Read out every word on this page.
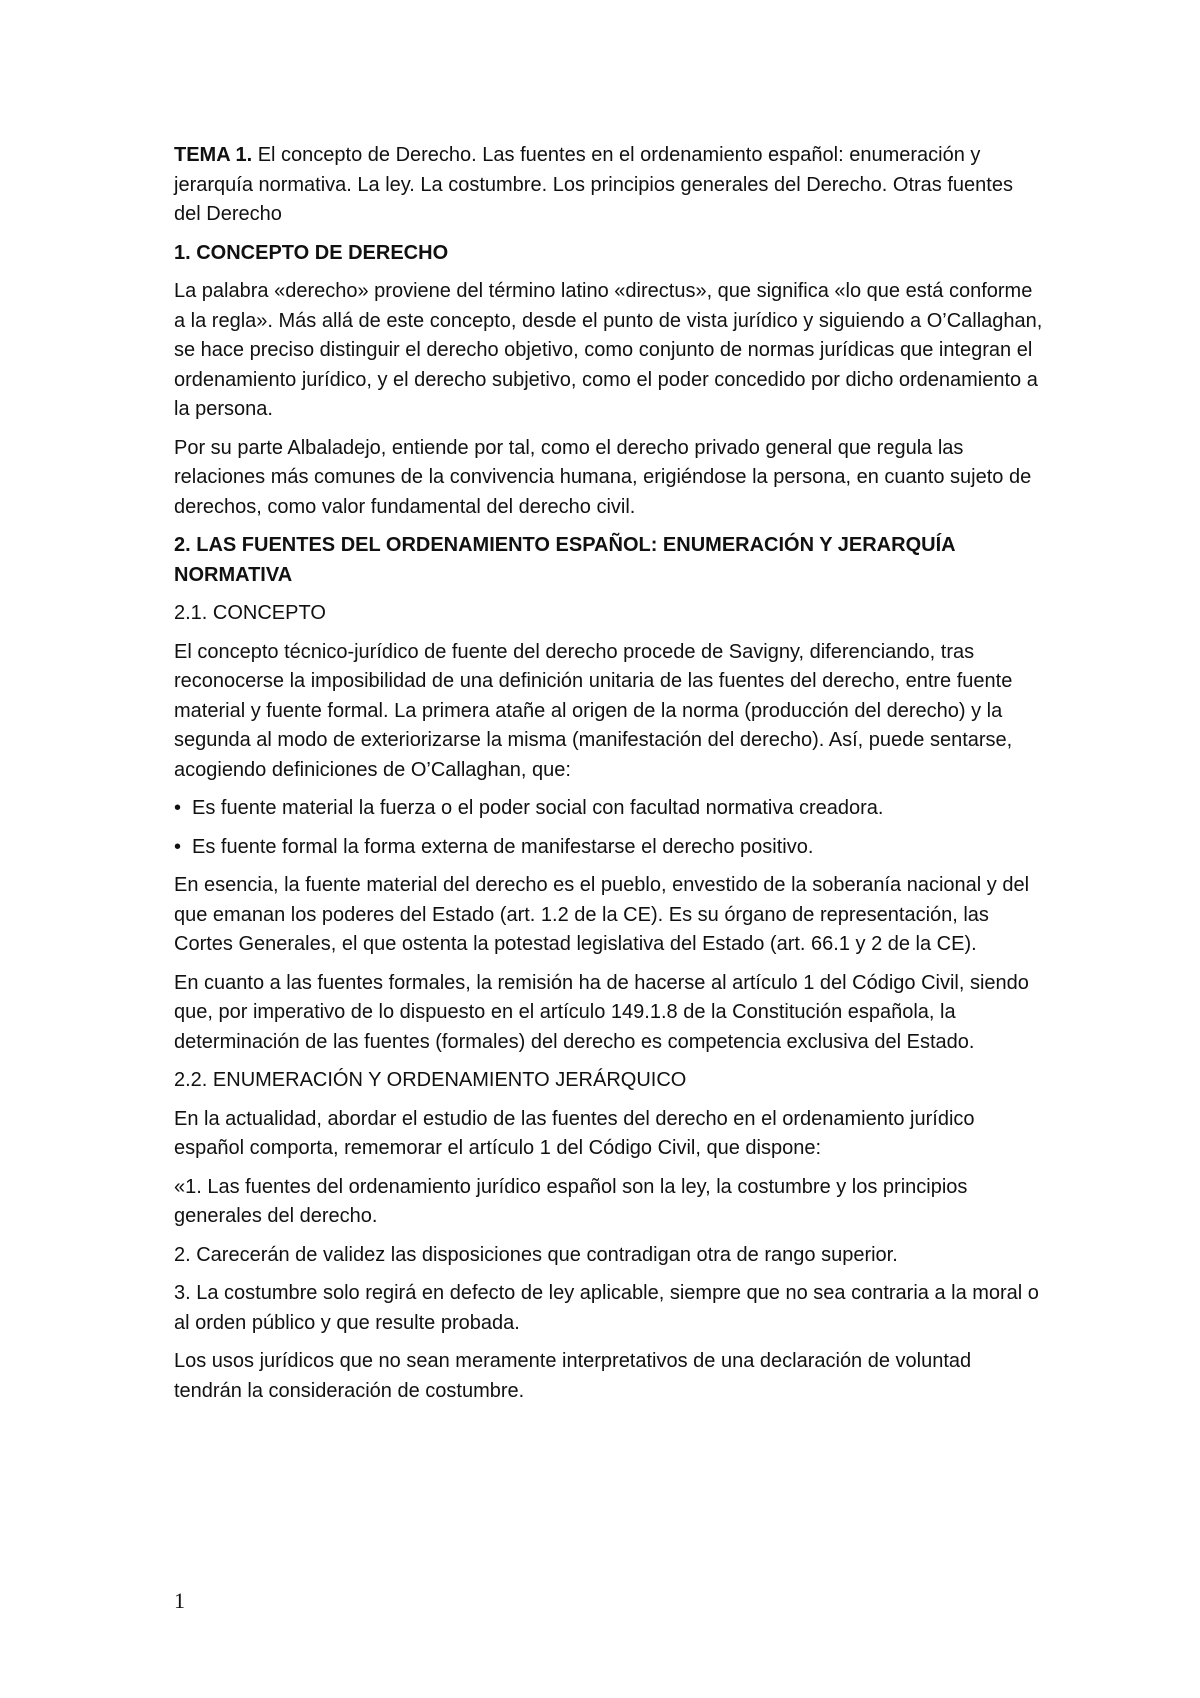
TEMA 1. El concepto de Derecho. Las fuentes en el ordenamiento español: enumeración y jerarquía normativa. La ley. La costumbre. Los principios generales del Derecho. Otras fuentes del Derecho

1. CONCEPTO DE DERECHO

La palabra «derecho» proviene del término latino «directus», que significa «lo que está conforme a la regla». Más allá de este concepto, desde el punto de vista jurídico y siguiendo a O’Callaghan, se hace preciso distinguir el derecho objetivo, como conjunto de normas jurídicas que integran el ordenamiento jurídico, y el derecho subjetivo, como el poder concedido por dicho ordenamiento a la persona.

Por su parte Albaladejo, entiende por tal, como el derecho privado general que regula las relaciones más comunes de la convivencia humana, erigiéndose la persona, en cuanto sujeto de derechos, como valor fundamental del derecho civil.

2. LAS FUENTES DEL ORDENAMIENTO ESPAÑOL: ENUMERACIÓN Y JERARQUÍA NORMATIVA

2.1. CONCEPTO

El concepto técnico-jurídico de fuente del derecho procede de Savigny, diferenciando, tras reconocerse la imposibilidad de una definición unitaria de las fuentes del derecho, entre fuente material y fuente formal. La primera atañe al origen de la norma (producción del derecho) y la segunda al modo de exteriorizarse la misma (manifestación del derecho). Así, puede sentarse, acogiendo definiciones de O’Callaghan, que:

• Es fuente material la fuerza o el poder social con facultad normativa creadora.

• Es fuente formal la forma externa de manifestarse el derecho positivo.

En esencia, la fuente material del derecho es el pueblo, envestido de la soberanía nacional y del que emanan los poderes del Estado (art. 1.2 de la CE). Es su órgano de representación, las Cortes Generales, el que ostenta la potestad legislativa del Estado (art. 66.1 y 2 de la CE).

En cuanto a las fuentes formales, la remisión ha de hacerse al artículo 1 del Código Civil, siendo que, por imperativo de lo dispuesto en el artículo 149.1.8 de la Constitución española, la determinación de las fuentes (formales) del derecho es competencia exclusiva del Estado.

2.2. ENUMERACIÓN Y ORDENAMIENTO JERÁRQUICO

En la actualidad, abordar el estudio de las fuentes del derecho en el ordenamiento jurídico español comporta, rememorar el artículo 1 del Código Civil, que dispone:

«1. Las fuentes del ordenamiento jurídico español son la ley, la costumbre y los principios generales del derecho.

2. Carecerán de validez las disposiciones que contradigan otra de rango superior.

3. La costumbre solo regirá en defecto de ley aplicable, siempre que no sea contraria a la moral o al orden público y que resulte probada.

Los usos jurídicos que no sean meramente interpretativos de una declaración de voluntad tendrán la consideración de costumbre.

1
